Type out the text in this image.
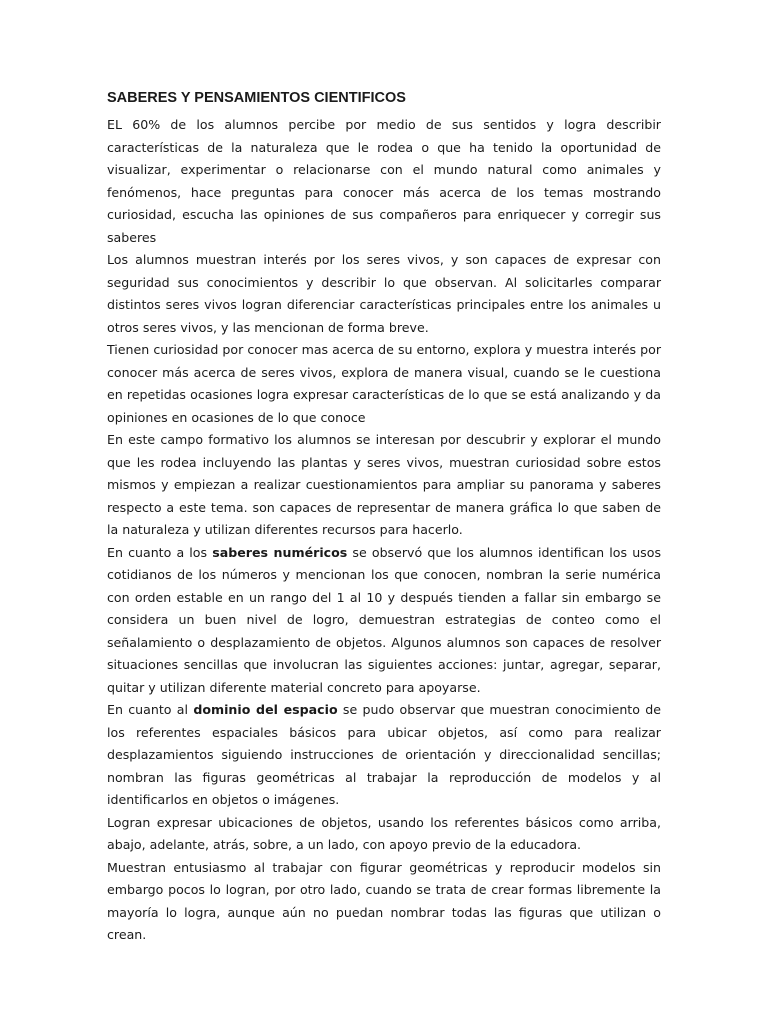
SABERES Y PENSAMIENTOS CIENTIFICOS

EL 60% de los alumnos percibe por medio de sus sentidos y logra describir características de la naturaleza que le rodea o que ha tenido la oportunidad de visualizar, experimentar o relacionarse con el mundo natural como animales y fenómenos, hace preguntas para conocer más acerca de los temas mostrando curiosidad, escucha las opiniones de sus compañeros para enriquecer y corregir sus saberes

Los alumnos muestran interés por los seres vivos, y son capaces de expresar con seguridad sus conocimientos y describir lo que observan. Al solicitarles comparar distintos seres vivos logran diferenciar características principales entre los animales u otros seres vivos, y las mencionan de forma breve.

Tienen curiosidad por conocer mas acerca de su entorno, explora y muestra interés por conocer más acerca de seres vivos, explora de manera visual, cuando se le cuestiona en repetidas ocasiones logra expresar características de lo que se está analizando y da opiniones en ocasiones de lo que conoce

En este campo formativo los alumnos se interesan por descubrir y explorar el mundo que les rodea incluyendo las plantas y seres vivos, muestran curiosidad sobre estos mismos y empiezan a realizar cuestionamientos para ampliar su panorama y saberes respecto a este tema. son capaces de representar de manera gráfica lo que saben de la naturaleza y utilizan diferentes recursos para hacerlo.

En cuanto a los saberes numéricos se observó que los alumnos identifican los usos cotidianos de los números y mencionan los que conocen, nombran la serie numérica con orden estable en un rango del 1 al 10 y después tienden a fallar sin embargo se considera un buen nivel de logro, demuestran estrategias de conteo como el señalamiento o desplazamiento de objetos. Algunos alumnos son capaces de resolver situaciones sencillas que involucran las siguientes acciones: juntar, agregar, separar, quitar y utilizan diferente material concreto para apoyarse.

En cuanto al dominio del espacio se pudo observar que muestran conocimiento de los referentes espaciales básicos para ubicar objetos, así como para realizar desplazamientos siguiendo instrucciones de orientación y direccionalidad sencillas; nombran las figuras geométricas al trabajar la reproducción de modelos y al identificarlos en objetos o imágenes.

Logran expresar ubicaciones de objetos, usando los referentes básicos como arriba, abajo, adelante, atrás, sobre, a un lado, con apoyo previo de la educadora.

Muestran entusiasmo al trabajar con figurar geométricas y reproducir modelos sin embargo pocos lo logran, por otro lado, cuando se trata de crear formas libremente la mayoría lo logra, aunque aún no puedan nombrar todas las figuras que utilizan o crean.
